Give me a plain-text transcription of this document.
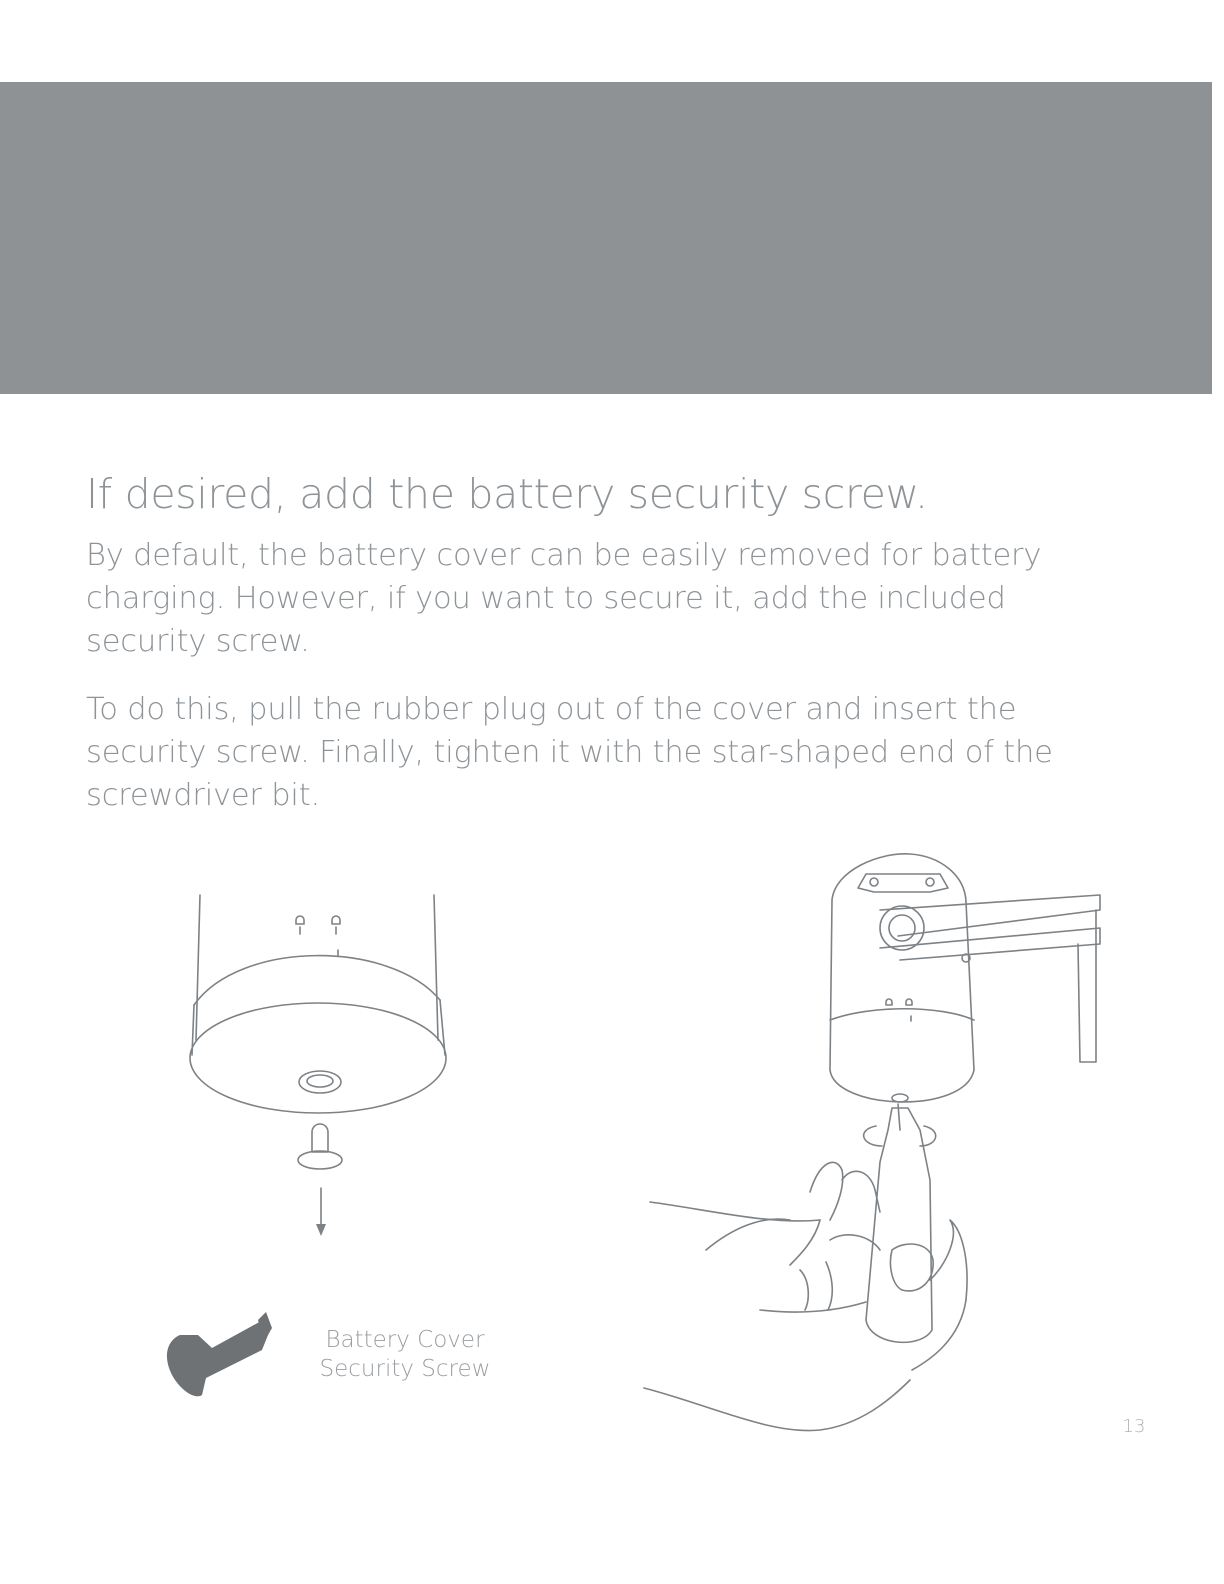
If desired, add the battery security screw.

By default, the battery cover can be easily removed for battery charging. However, if you want to secure it, add the included security screw.

To do this, pull the rubber plug out of the cover and insert the security screw. Finally, tighten it with the star-shaped end of the screwdriver bit.

Battery Cover
Security Screw
13
